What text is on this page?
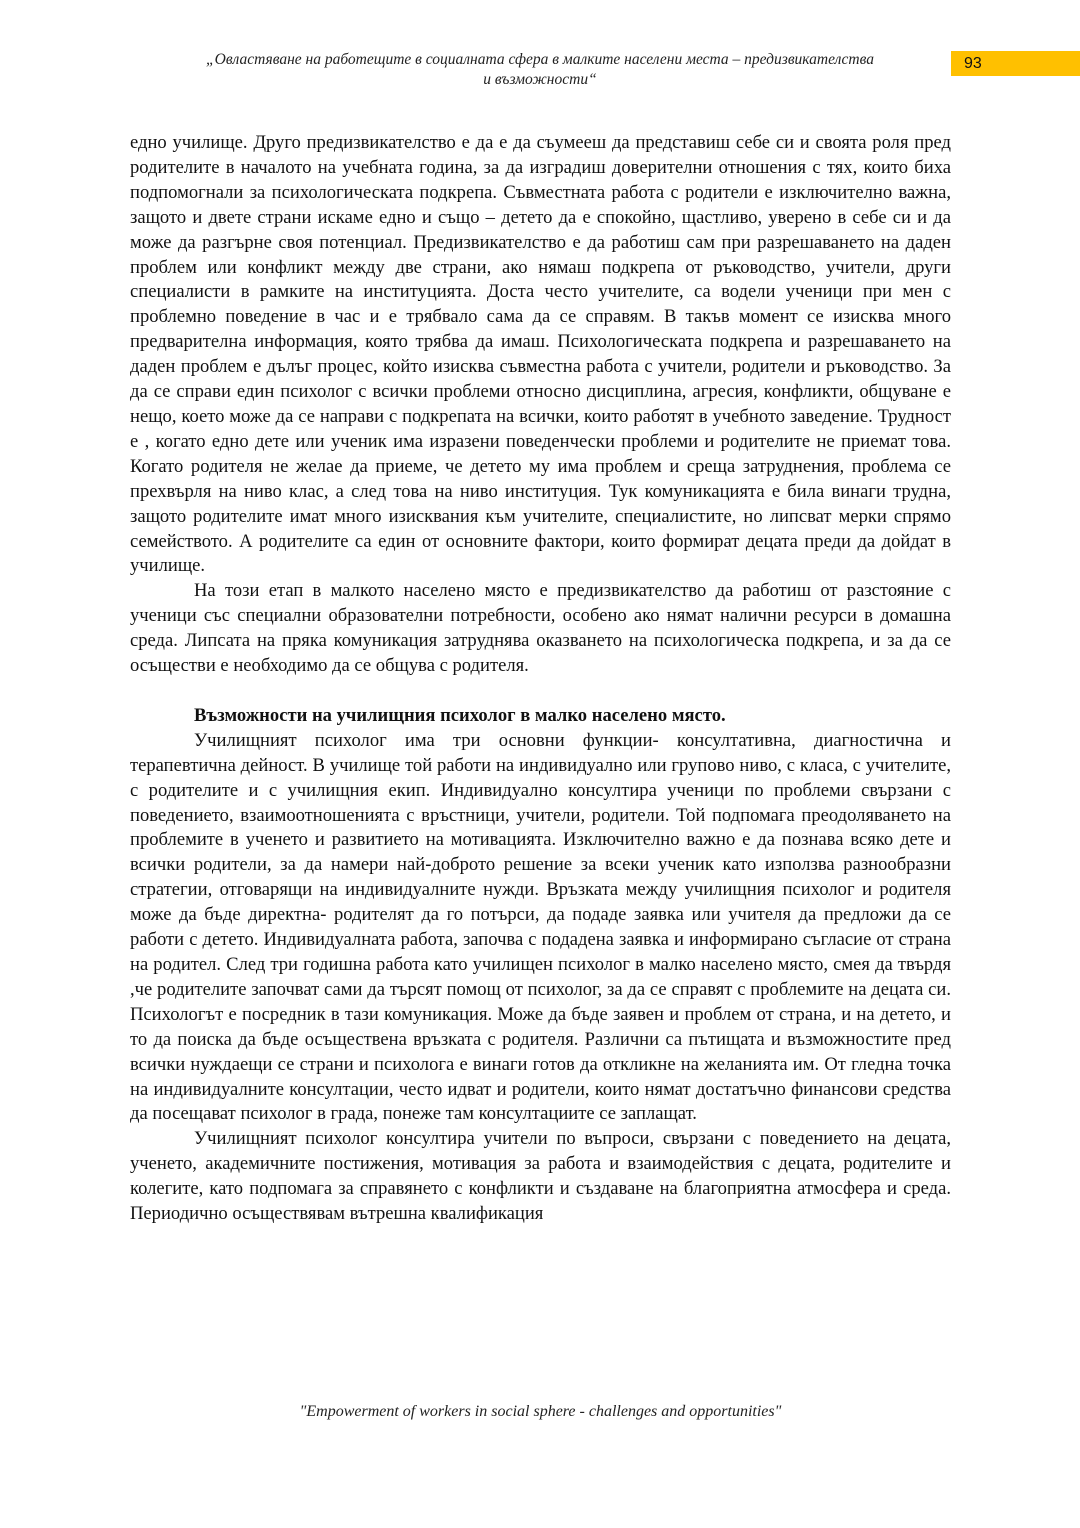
„Овластяване на работещите в социалната сфера в малките населени места – предизвикателства
и възможности“
93

едно училище. Друго предизвикателство е да е да съумееш да представиш себе си и своята роля пред родителите в началото на учебната година, за да изградиш доверителни отношения с тях, които биха подпомогнали за психологическата подкрепа. Съвместната работа с родители е изключително важна, защото и двете страни искаме едно и също – детето да е спокойно, щастливо, уверено в себе си и да може да разгърне своя потенциал. Предизвикателство е да работиш сам при разрешаването на даден проблем или конфликт между две страни, ако нямаш подкрепа от ръководство, учители, други специалисти в рамките на институцията. Доста често учителите, са водели ученици при мен с проблемно поведение в час и е трябвало сама да се справям. В такъв момент се изисква много предварителна информация, която трябва да имаш. Психологическата подкрепа и разрешаването на даден проблем е дълъг процес, който изисква съвместна работа с учители, родители и ръководство. За да се справи един психолог с всички проблеми относно дисциплина, агресия, конфликти, общуване е нещо, което може да се направи с подкрепата на всички, които работят в учебното заведение. Трудност е , когато едно дете или ученик има изразени поведенчески проблеми и родителите не приемат това. Когато родителя не желае да приеме, че детето му има проблем и среща затруднения, проблема се прехвърля на ниво клас, а след това на ниво институция. Тук комуникацията е била винаги трудна, защото родителите имат много изисквания към учителите, специалистите, но липсват мерки спрямо семейството. А родителите са един от основните фактори, които формират децата преди да дойдат в училище.

На този етап в малкото населено място е предизвикателство да работиш от разстояние с ученици със специални образователни потребности, особено ако нямат налични ресурси в домашна среда. Липсата на пряка комуникация затруднява оказването на психологическа подкрепа, и за да се осъществи е необходимо да се общува с родителя.

Възможности на училищния психолог в малко населено място.

Училищният психолог има три основни функции- консултативна, диагностична и терапевтична дейност. В училище той работи на индивидуално или групово ниво, с класа, с учителите, с родителите и с училищния екип. Индивидуално консултира ученици по проблеми свързани с поведението, взаимоотношенията с връстници, учители, родители. Той подпомага преодоляването на проблемите в ученето и развитието на мотивацията. Изключително важно е да познава всяко дете и всички родители, за да намери най-доброто решение за всеки ученик като използва разнообразни стратегии, отговарящи на индивидуалните нужди. Връзката между училищния психолог и родителя може да бъде директна- родителят да го потърси, да подаде заявка или учителя да предложи да се работи с детето. Индивидуалната работа, започва с подадена заявка и информирано съгласие от страна на родител. След три годишна работа като училищен психолог в малко населено място, смея да твърдя ,че родителите започват сами да търсят помощ от психолог, за да се справят с проблемите на децата си. Психологът е посредник в тази комуникация. Може да бъде заявен и проблем от страна, и на детето, и то да поиска да бъде осъществена връзката с родителя. Различни са пътищата и възможностите пред всички нуждаещи се страни и психолога е винаги готов да откликне на желанията им. От гледна точка на индивидуалните консултации, често идват и родители, които нямат достатъчно финансови средства да посещават психолог в града, понеже там консултациите се заплащат.

Училищният психолог консултира учители по въпроси, свързани с поведението на децата, ученето, академичните постижения, мотивация за работа и взаимодействия с децата, родителите и колегите, като подпомага за справянето с конфликти и създаване на благоприятна атмосфера и среда. Периодично осъществявам вътрешна квалификация

"Empowerment of workers in social sphere - challenges and opportunities"
